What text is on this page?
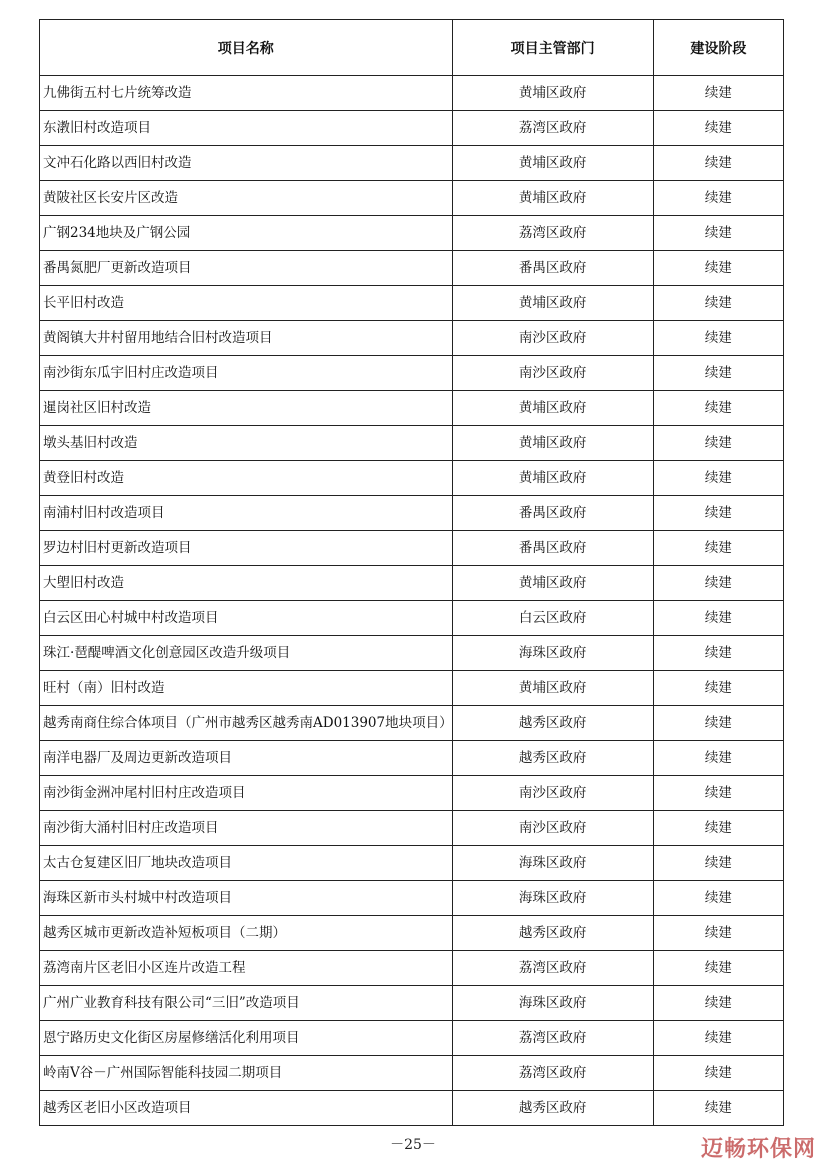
项目名称	项目主管部门	建设阶段
九佛街五村七片统筹改造	黄埔区政府	续建
东漖旧村改造项目	荔湾区政府	续建
文冲石化路以西旧村改造	黄埔区政府	续建
黄陂社区长安片区改造	黄埔区政府	续建
广钢234地块及广钢公园	荔湾区政府	续建
番禺氮肥厂更新改造项目	番禺区政府	续建
长平旧村改造	黄埔区政府	续建
黄阁镇大井村留用地结合旧村改造项目	南沙区政府	续建
南沙街东瓜宇旧村庄改造项目	南沙区政府	续建
暹岗社区旧村改造	黄埔区政府	续建
墩头基旧村改造	黄埔区政府	续建
黄登旧村改造	黄埔区政府	续建
南浦村旧村改造项目	番禺区政府	续建
罗边村旧村更新改造项目	番禺区政府	续建
大塱旧村改造	黄埔区政府	续建
白云区田心村城中村改造项目	白云区政府	续建
珠江·琶醍啤酒文化创意园区改造升级项目	海珠区政府	续建
旺村（南）旧村改造	黄埔区政府	续建
越秀南商住综合体项目（广州市越秀区越秀南AD013907地块项目）	越秀区政府	续建
南洋电器厂及周边更新改造项目	越秀区政府	续建
南沙街金洲冲尾村旧村庄改造项目	南沙区政府	续建
南沙街大涌村旧村庄改造项目	南沙区政府	续建
太古仓复建区旧厂地块改造项目	海珠区政府	续建
海珠区新市头村城中村改造项目	海珠区政府	续建
越秀区城市更新改造补短板项目（二期）	越秀区政府	续建
荔湾南片区老旧小区连片改造工程	荔湾区政府	续建
广州广业教育科技有限公司“三旧”改造项目	海珠区政府	续建
恩宁路历史文化街区房屋修缮活化利用项目	荔湾区政府	续建
岭南V谷－广州国际智能科技园二期项目	荔湾区政府	续建
越秀区老旧小区改造项目	越秀区政府	续建
－25－	迈畅环保网
